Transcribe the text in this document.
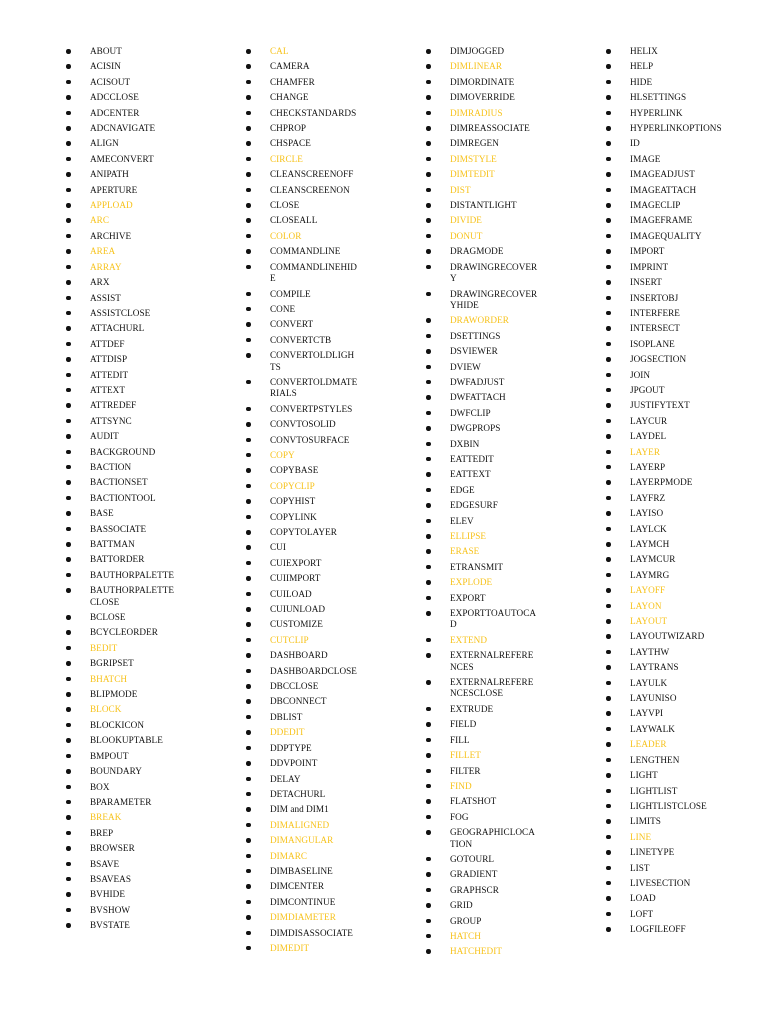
ABOUT
ACISIN
ACISOUT
ADCCLOSE
ADCENTER
ADCNAVIGATE
ALIGN
AMECONVERT
ANIPATH
APERTURE
APPLOAD
ARC
ARCHIVE
AREA
ARRAY
ARX
ASSIST
ASSISTCLOSE
ATTACHURL
ATTDEF
ATTDISP
ATTEDIT
ATTEXT
ATTREDEF
ATTSYNC
AUDIT
BACKGROUND
BACTION
BACTIONSET
BACTIONTOOL
BASE
BASSOCIATE
BATTMAN
BATTORDER
BAUTHORPALETTE
BAUTHORPALETTECLOSE
BCLOSE
BCYCLEORDER
BEDIT
BGRIPSET
BHATCH
BLIPMODE
BLOCK
BLOCKICON
BLOOKUPTABLE
BMPOUT
BOUNDARY
BOX
BPARAMETER
BREAK
BREP
BROWSER
BSAVE
BSAVEAS
BVHIDE
BVSHOW
BVSTATE
CAL
CAMERA
CHAMFER
CHANGE
CHECKSTANDARDS
CHPROP
CHSPACE
CIRCLE
CLEANSCREENOFF
CLEANSCREENON
CLOSE
CLOSEALL
COLOR
COMMANDLINE
COMMANDLINEHIDE
COMPILE
CONE
CONVERT
CONVERTCTB
CONVERTOLDLIGHTS
CONVERTOLDMATERIALS
CONVERTPSTYLES
CONVTOSOLID
CONVTOSURFACE
COPY
COPYBASE
COPYCLIP
COPYHIST
COPYLINK
COPYTOLAYER
CUI
CUIEXPORT
CUIIMPORT
CUILOAD
CUIUNLOAD
CUSTOMIZE
CUTCLIP
DASHBOARD
DASHBOARDCLOSE
DBCCLOSE
DBCONNECT
DBLIST
DDEDIT
DDPTYPE
DDVPOINT
DELAY
DETACHURL
DIM and DIM1
DIMALIGNED
DIMANGULAR
DIMARC
DIMBASELINE
DIMCENTER
DIMCONTINUE
DIMDIAMETER
DIMDISASSOCIATE
DIMEDIT
DIMJOGGED
DIMLINEAR
DIMORDINATE
DIMOVERRIDE
DIMRADIUS
DIMREASSOCIATE
DIMREGEN
DIMSTYLE
DIMTEDIT
DIST
DISTANTLIGHT
DIVIDE
DONUT
DRAGMODE
DRAWINGRECOVERY
DRAWINGRECOVERYHIDE
DRAWORDER
DSETTINGS
DSVIEWER
DVIEW
DWFADJUST
DWFATTACH
DWFCLIP
DWGPROPS
DXBIN
EATTEDIT
EATTEXT
EDGE
EDGESURF
ELEV
ELLIPSE
ERASE
ETRANSMIT
EXPLODE
EXPORT
EXPORTTOAUTOCAD
EXTEND
EXTERNALREFERENCES
EXTERNALREFERENCESCLOSE
EXTRUDE
FIELD
FILL
FILLET
FILTER
FIND
FLATSHOT
FOG
GEOGRAPHICLOCATION
GOTOURL
GRADIENT
GRAPHSCR
GRID
GROUP
HATCH
HATCHEDIT
HELIX
HELP
HIDE
HLSETTINGS
HYPERLINK
HYPERLINKOPTIONS
ID
IMAGE
IMAGEADJUST
IMAGEATTACH
IMAGECLIP
IMAGEFRAME
IMAGEQUALITY
IMPORT
IMPRINT
INSERT
INSERTOBJ
INTERFERE
INTERSECT
ISOPLANE
JOGSECTION
JOIN
JPGOUT
JUSTIFYTEXT
LAYCUR
LAYDEL
LAYER
LAYERP
LAYERPMODE
LAYFRZ
LAYISO
LAYLCK
LAYMCH
LAYMCUR
LAYMRG
LAYOFF
LAYON
LAYOUT
LAYOUTWIZARD
LAYTHW
LAYTRANS
LAYULK
LAYUNISO
LAYVPI
LAYWALK
LEADER
LENGTHEN
LIGHT
LIGHTLIST
LIGHTLISTCLOSE
LIMITS
LINE
LINETYPE
LIST
LIVESECTION
LOAD
LOFT
LOGFILEOFF
